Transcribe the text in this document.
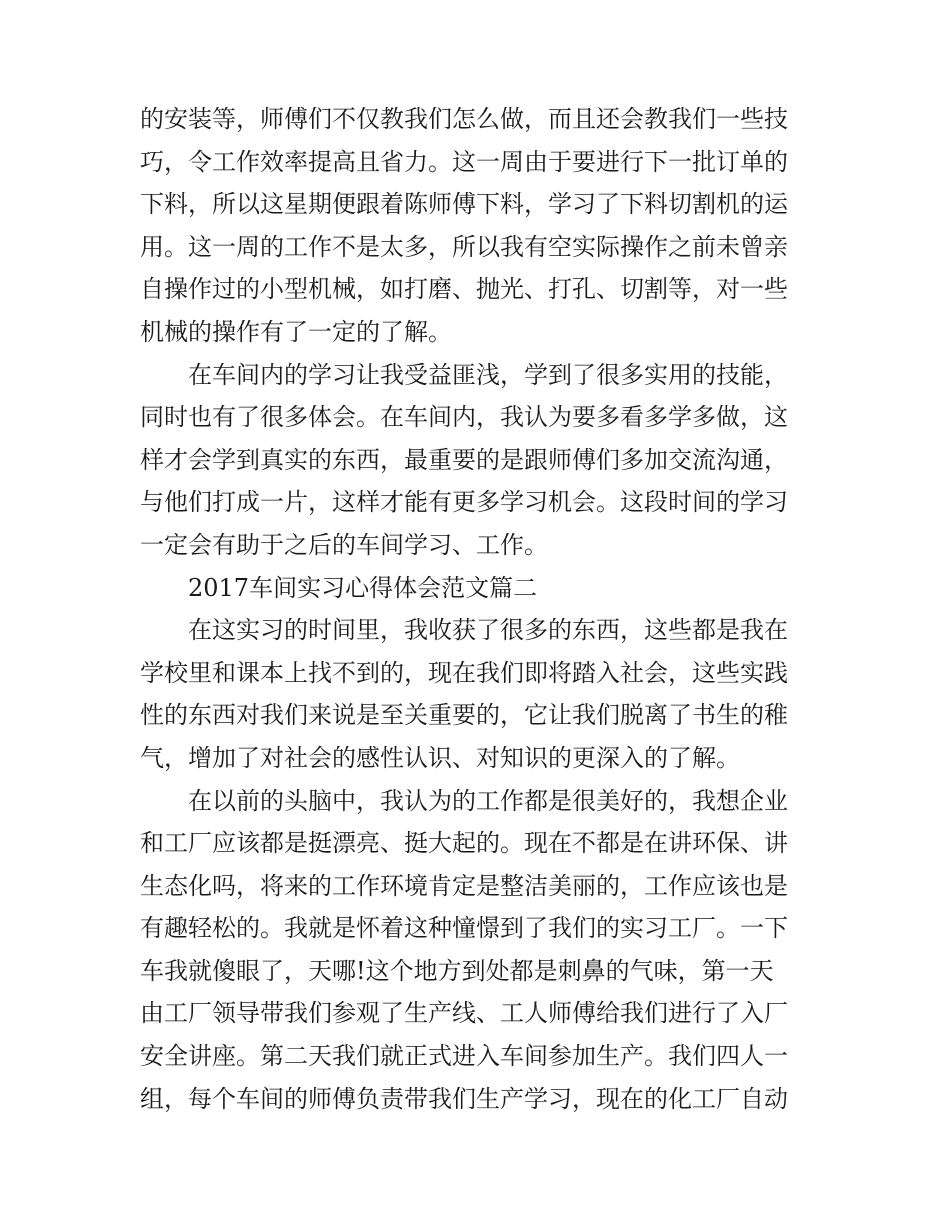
的安装等，师傅们不仅教我们怎么做，而且还会教我们一些技
巧，令工作效率提高且省力。这一周由于要进行下一批订单的
下料，所以这星期便跟着陈师傅下料，学习了下料切割机的运
用。这一周的工作不是太多，所以我有空实际操作之前未曾亲
自操作过的小型机械，如打磨、抛光、打孔、切割等，对一些
机械的操作有了一定的了解。
在车间内的学习让我受益匪浅，学到了很多实用的技能，
同时也有了很多体会。在车间内，我认为要多看多学多做，这
样才会学到真实的东西，最重要的是跟师傅们多加交流沟通，
与他们打成一片，这样才能有更多学习机会。这段时间的学习
一定会有助于之后的车间学习、工作。
2017车间实习心得体会范文篇二
在这实习的时间里，我收获了很多的东西，这些都是我在
学校里和课本上找不到的，现在我们即将踏入社会，这些实践
性的东西对我们来说是至关重要的，它让我们脱离了书生的稚
气，增加了对社会的感性认识、对知识的更深入的了解。
在以前的头脑中，我认为的工作都是很美好的，我想企业
和工厂应该都是挺漂亮、挺大起的。现在不都是在讲环保、讲
生态化吗，将来的工作环境肯定是整洁美丽的，工作应该也是
有趣轻松的。我就是怀着这种憧憬到了我们的实习工厂。一下
车我就傻眼了，天哪!这个地方到处都是刺鼻的气味，第一天
由工厂领导带我们参观了生产线、工人师傅给我们进行了入厂
安全讲座。第二天我们就正式进入车间参加生产。我们四人一
组，每个车间的师傅负责带我们生产学习，现在的化工厂自动
